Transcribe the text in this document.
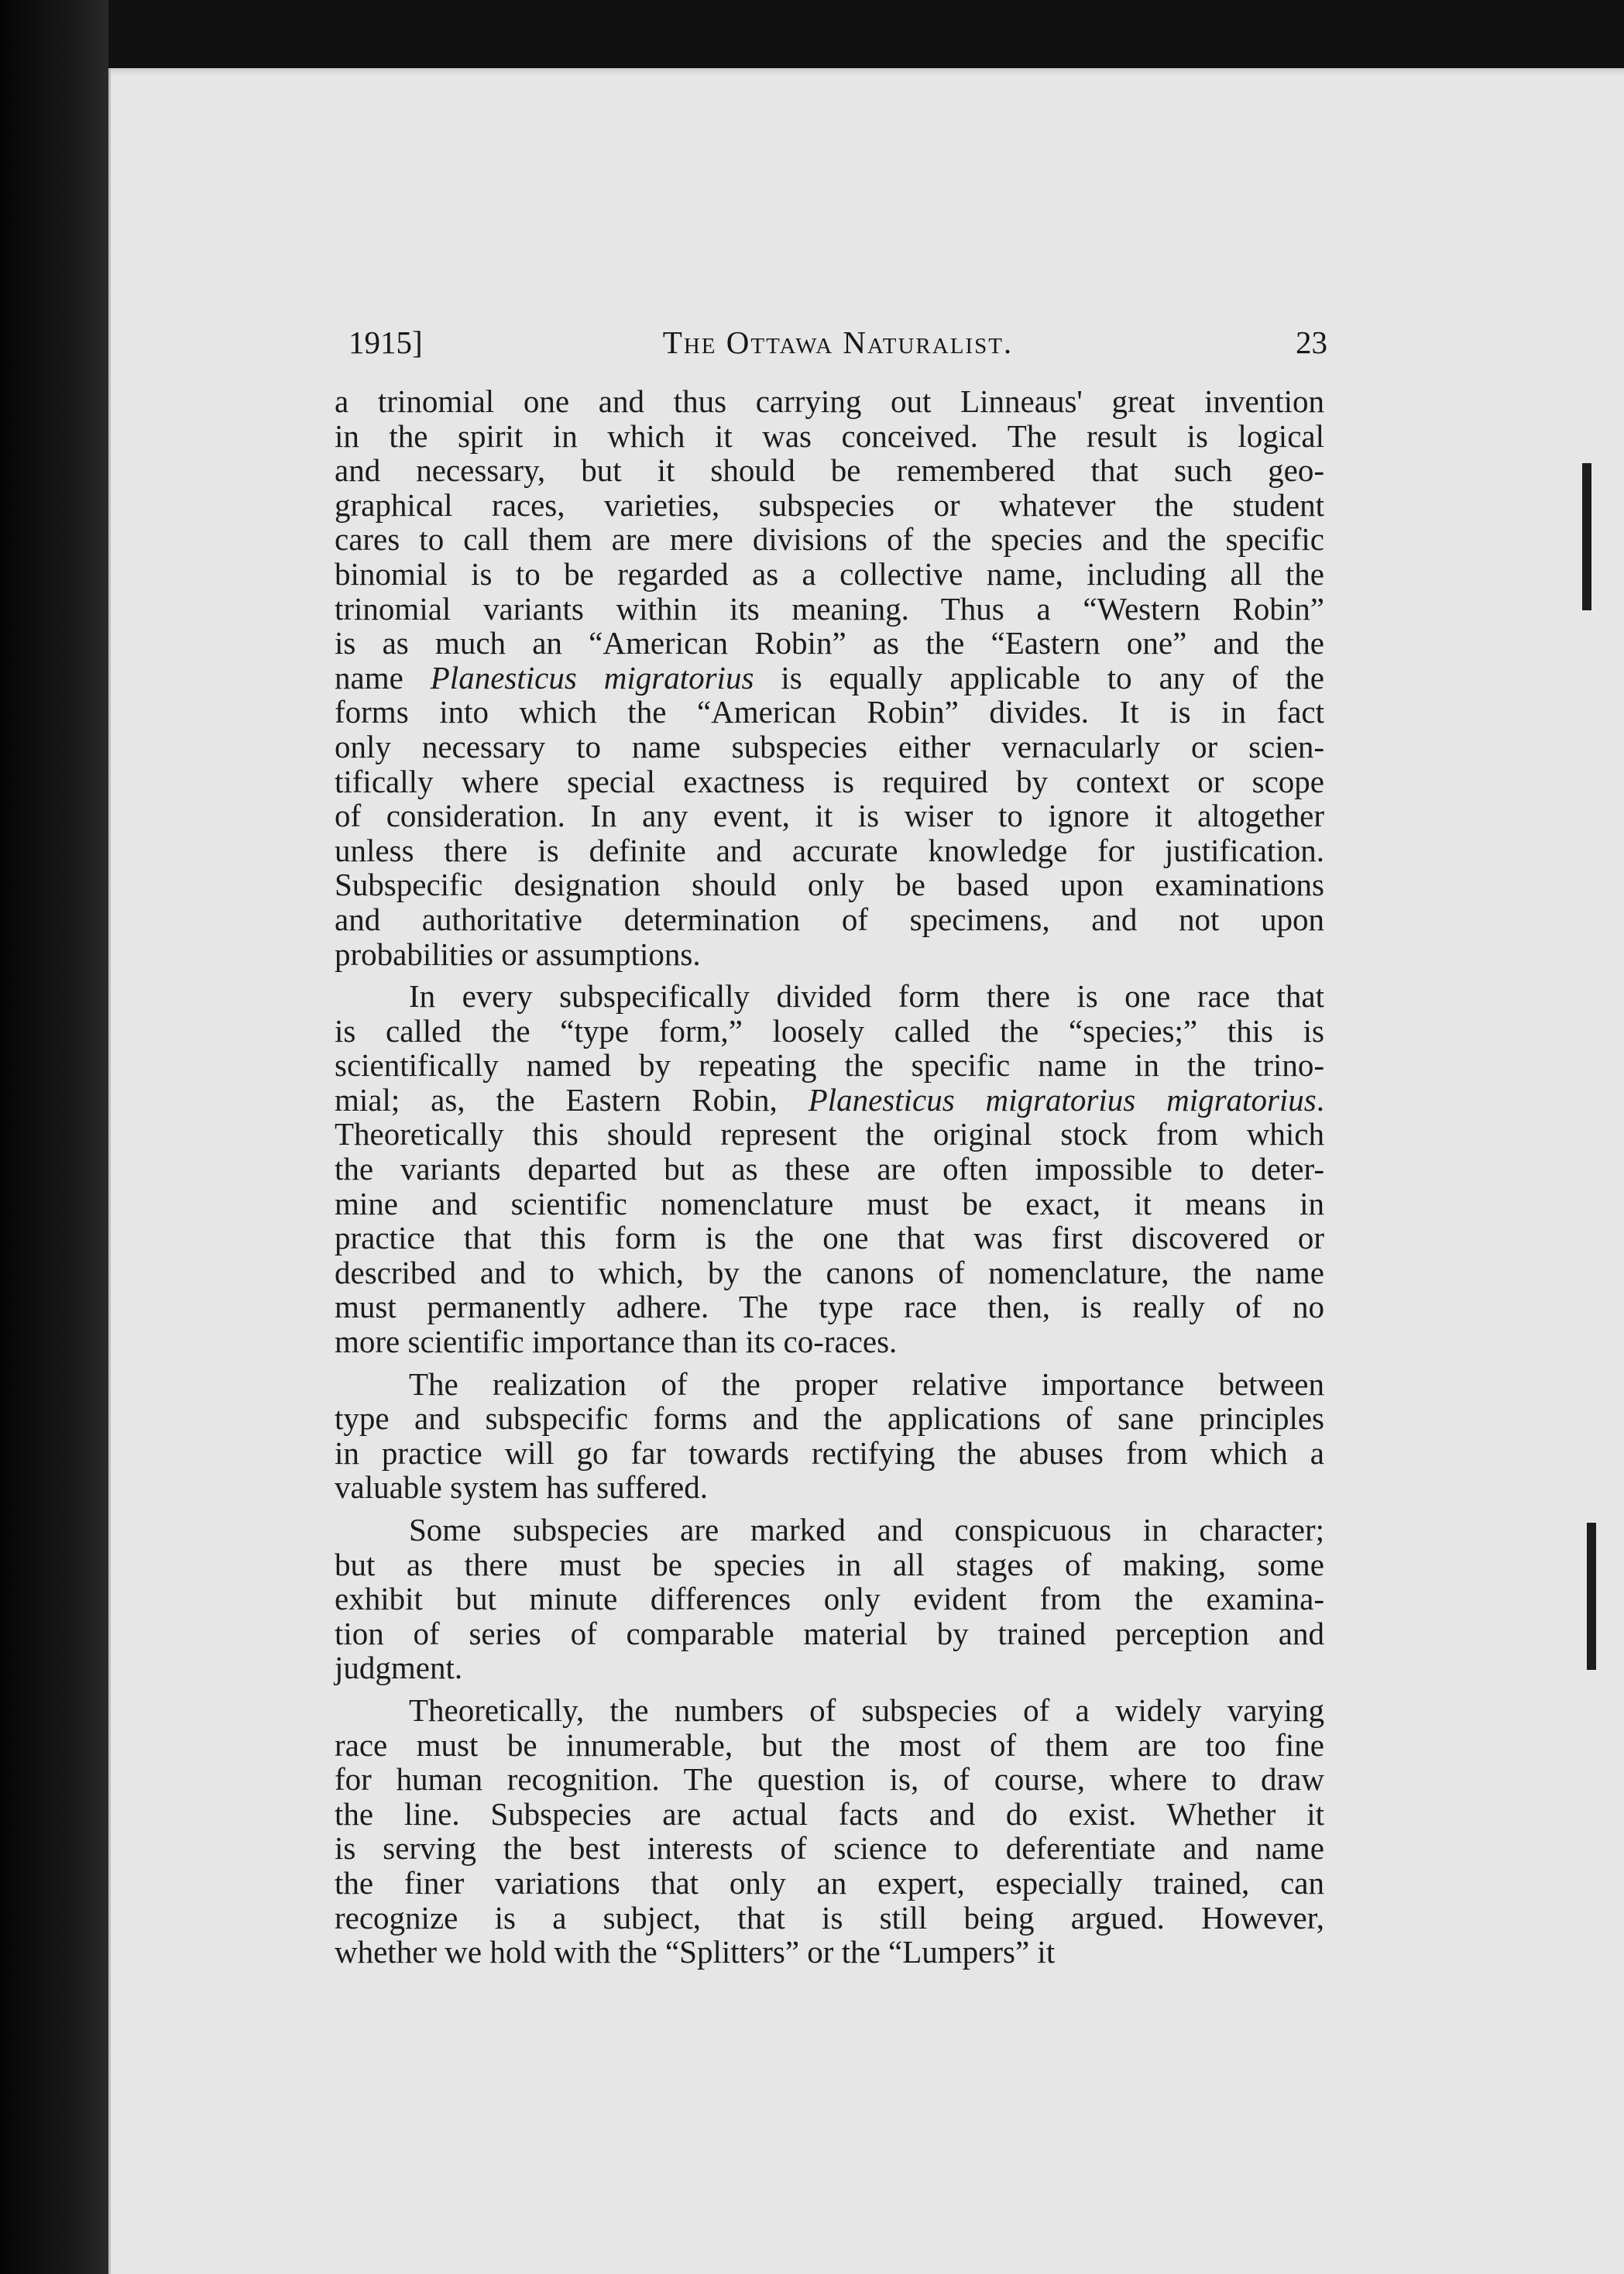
1915]	The Ottawa Naturalist.	23
a trinomial one and thus carrying out Linneaus' great invention
in the spirit in which it was conceived. The result is logical
and necessary, but it should be remembered that such geo-
graphical races, varieties, subspecies or whatever the student
cares to call them are mere divisions of the species and the specific
binomial is to be regarded as a collective name, including all the
trinomial variants within its meaning. Thus a “Western Robin”
is as much an “American Robin” as the “Eastern one” and the
name Planesticus migratorius is equally applicable to any of the
forms into which the “American Robin” divides. It is in fact
only necessary to name subspecies either vernacularly or scien-
tifically where special exactness is required by context or scope
of consideration. In any event, it is wiser to ignore it altogether
unless there is definite and accurate knowledge for justification.
Subspecific designation should only be based upon examinations
and authoritative determination of specimens, and not upon
probabilities or assumptions.
In every subspecifically divided form there is one race that
is called the “type form,” loosely called the “species;” this is
scientifically named by repeating the specific name in the trino-
mial; as, the Eastern Robin, Planesticus migratorius migratorius.
Theoretically this should represent the original stock from which
the variants departed but as these are often impossible to deter-
mine and scientific nomenclature must be exact, it means in
practice that this form is the one that was first discovered or
described and to which, by the canons of nomenclature, the name
must permanently adhere. The type race then, is really of no
more scientific importance than its co-races.
The realization of the proper relative importance between
type and subspecific forms and the applications of sane principles
in practice will go far towards rectifying the abuses from which a
valuable system has suffered.
Some subspecies are marked and conspicuous in character;
but as there must be species in all stages of making, some
exhibit but minute differences only evident from the examina-
tion of series of comparable material by trained perception and
judgment.
Theoretically, the numbers of subspecies of a widely varying
race must be innumerable, but the most of them are too fine
for human recognition. The question is, of course, where to draw
the line. Subspecies are actual facts and do exist. Whether it
is serving the best interests of science to deferentiate and name
the finer variations that only an expert, especially trained, can
recognize is a subject, that is still being argued. However,
whether we hold with the “Splitters” or the “Lumpers” it
